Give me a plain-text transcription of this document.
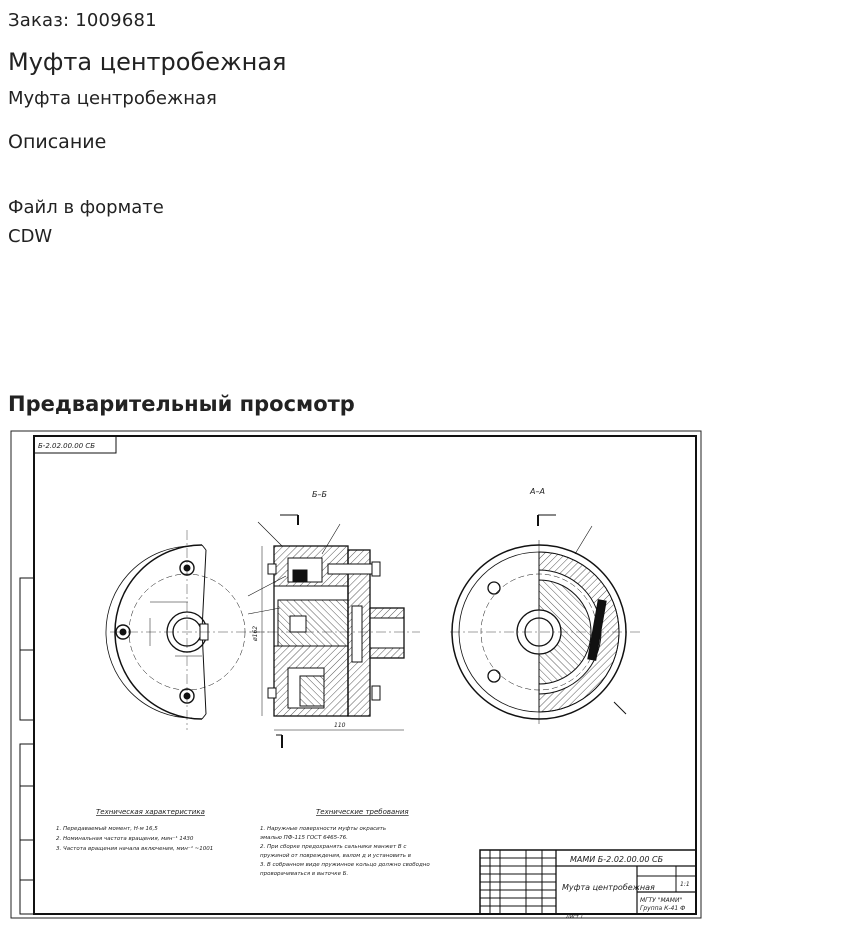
Заказ: 1009681
Муфта центробежная
Муфта центробежная
Описание
Файл в формате CDW
Предварительный просмотр
Б-2.02.00.00 СБ
Б–Б
110
ø162
А–А
Техническая характеристика
1. Передаваемый момент, Н·м 16,5
2. Номинальная частота вращения, мин⁻¹ 1430
3. Частота вращения начала включения, мин⁻¹ ~1001
Технические требования
1. Наружные поверхности муфты окрасить
эмалью ПФ-115 ГОСТ 6465-76.
2. При сборке предохранять сальники манжет В с
пружиной от повреждения, валом д и установить в
3. В собранном виде пружинное кольцо должно свободно
проворачиваться в выточке Б.
МАМИ Б-2.02.00.00 СБ
Муфта центробежная
МГТУ "МАМИ"
Группа К-41 Ф
1:1
Лист 1
